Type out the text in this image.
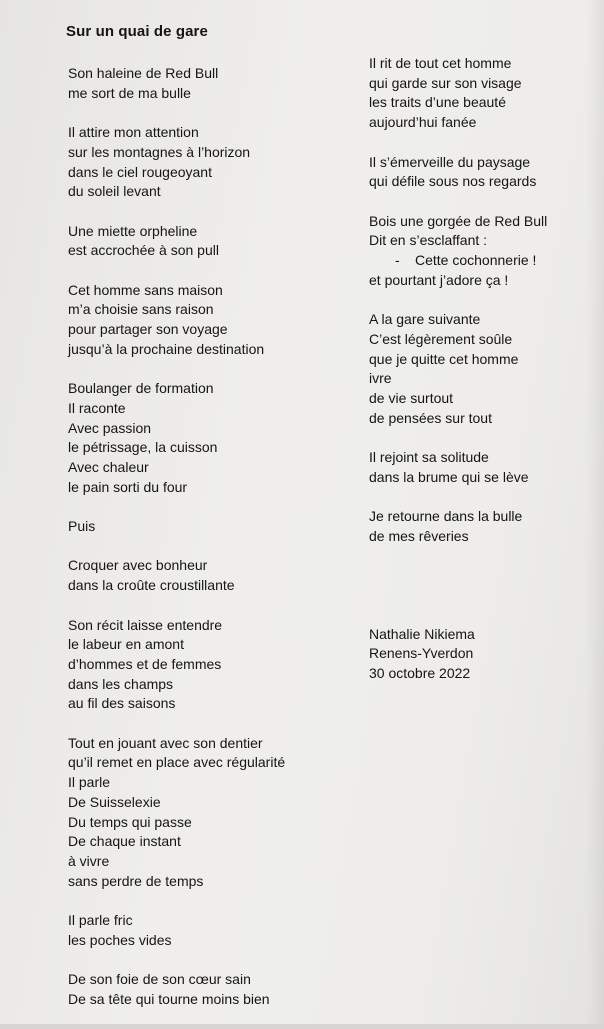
Sur un quai de gare
Son haleine de Red Bull
me sort de ma bulle
Il attire mon attention
sur les montagnes à l’horizon
dans le ciel rougeoyant
du soleil levant
Une miette orpheline
est accrochée à son pull
Cet homme sans maison
m’a choisie sans raison
pour partager son voyage
jusqu’à la prochaine destination
Boulanger de formation
Il raconte
Avec passion
le pétrissage, la cuisson
Avec chaleur
le pain sorti du four
Puis
Croquer avec bonheur
dans la croûte croustillante
Son récit laisse entendre
le labeur en amont
d’hommes et de femmes
dans les champs
au fil des saisons
Tout en jouant avec son dentier
qu’il remet en place avec régularité
Il parle
De Suisselexie
Du temps qui passe
De chaque instant
à vivre
sans perdre de temps
Il parle fric
les poches vides
De son foie de son cœur sain
De sa tête qui tourne moins bien
Il rit de tout cet homme
qui garde sur son visage
les traits d’une beauté
aujourd’hui fanée
Il s’émerveille du paysage
qui défile sous nos regards
Bois une gorgée de Red Bull
Dit en s’esclaffant :
- Cette cochonnerie !
et pourtant j’adore ça !
A la gare suivante
C’est légèrement soûle
que je quitte cet homme
ivre
de vie surtout
de pensées sur tout
Il rejoint sa solitude
dans la brume qui se lève
Je retourne dans la bulle
de mes rêveries
Nathalie Nikiema
Renens-Yverdon
30 octobre 2022
